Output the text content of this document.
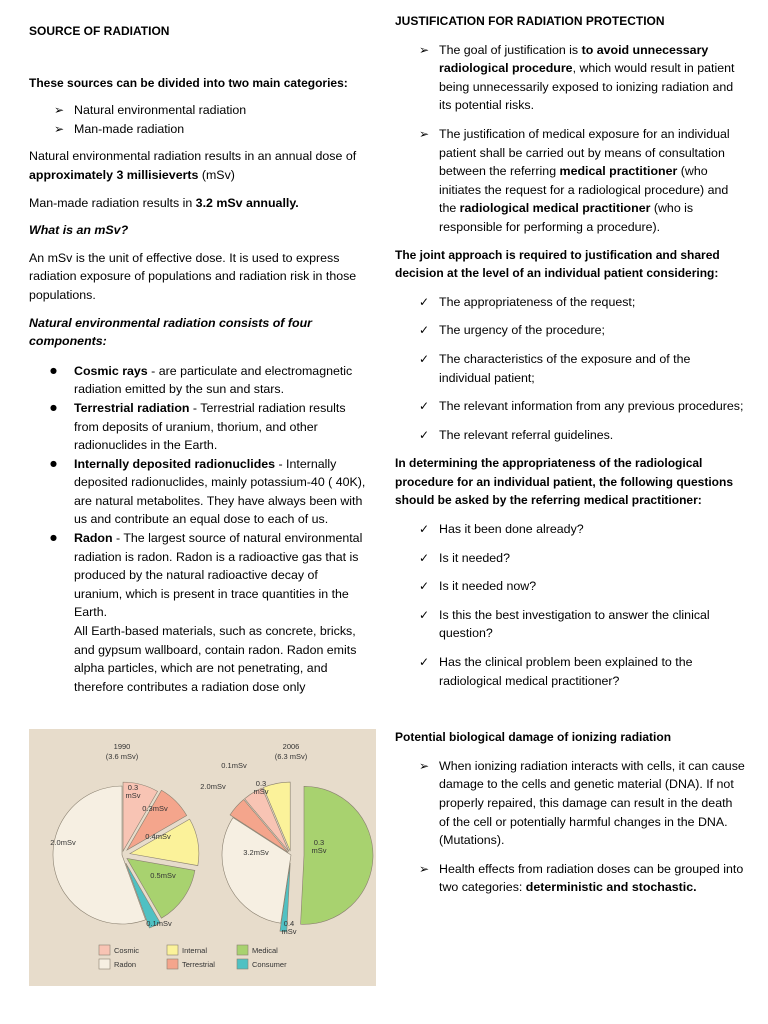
SOURCE OF RADIATION

These sources can be divided into two main categories:

➢ Natural environmental radiation
➢ Man-made radiation

Natural environmental radiation results in an annual dose of approximately 3 millisieverts (mSv)

Man-made radiation results in 3.2 mSv annually.

What is an mSv?

An mSv is the unit of effective dose. It is used to express radiation exposure of populations and radiation risk in those populations.

Natural environmental radiation consists of four components:

● Cosmic rays - are particulate and electromagnetic radiation emitted by the sun and stars.
● Terrestrial radiation - Terrestrial radiation results from deposits of uranium, thorium, and other radionuclides in the Earth.
● Internally deposited radionuclides - Internally deposited radionuclides, mainly potassium-40 ( 40K), are natural metabolites. They have always been with us and contribute an equal dose to each of us.
● Radon - The largest source of natural environmental radiation is radon. Radon is a radioactive gas that is produced by the natural radioactive decay of uranium, which is present in trace quantities in the Earth.
All Earth-based materials, such as concrete, bricks, and gypsum wallboard, contain radon. Radon emits alpha particles, which are not penetrating, and therefore contributes a radiation dose only
1990
(3.6 mSv)
2.0mSv
0.3
mSv
0.3mSv
0.4mSv
0.5mSv
0.1mSv
2006
(6.3 mSv)
3.2mSv
0.1mSv
2.0mSv	0.3
mSv
0.3
mSv
0.4
mSv
Cosmic	Internal	Medical
Radon	Terrestrial	Consumer

JUSTIFICATION FOR RADIATION PROTECTION

➢ The goal of justification is to avoid unnecessary radiological procedure, which would result in patient being unnecessarily exposed to ionizing radiation and its potential risks.
➢ The justification of medical exposure for an individual patient shall be carried out by means of consultation between the referring medical practitioner (who initiates the request for a radiological procedure) and the radiological medical practitioner (who is responsible for performing a procedure).

The joint approach is required to justification and shared decision at the level of an individual patient considering:

✓ The appropriateness of the request;
✓ The urgency of the procedure;
✓ The characteristics of the exposure and of the individual patient;
✓ The relevant information from any previous procedures;
✓ The relevant referral guidelines.

In determining the appropriateness of the radiological procedure for an individual patient, the following questions should be asked by the referring medical practitioner:

✓ Has it been done already?
✓ Is it needed?
✓ Is it needed now?
✓ Is this the best investigation to answer the clinical question?
✓ Has the clinical problem been explained to the radiological medical practitioner?

Potential biological damage of ionizing radiation

➢ When ionizing radiation interacts with cells, it can cause damage to the cells and genetic material (DNA). If not properly repaired, this damage can result in the death of the cell or potentially harmful changes in the DNA. (Mutations).
➢ Health effects from radiation doses can be grouped into two categories: deterministic and stochastic.
